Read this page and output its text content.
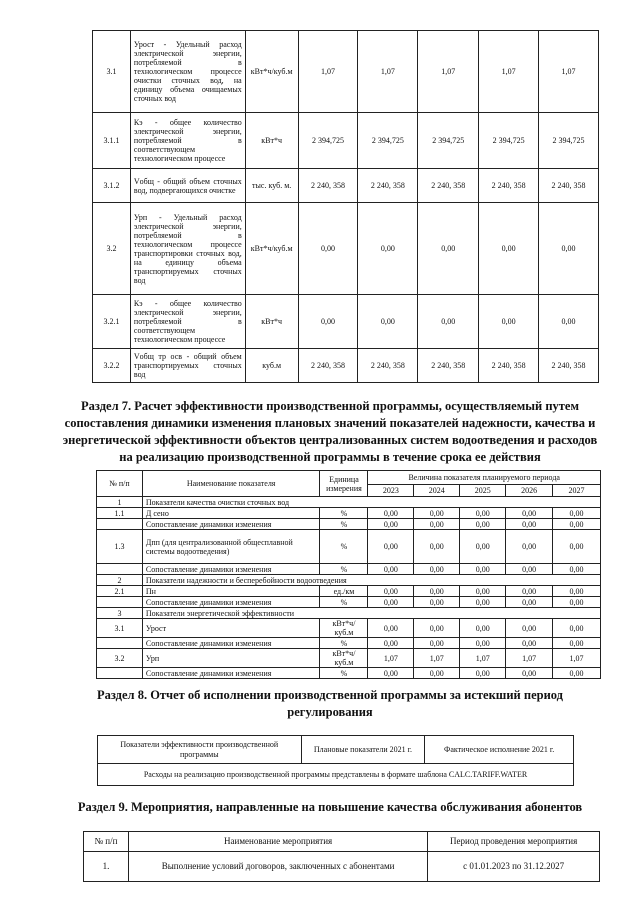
3.1	Урост - Удельный расход электрической энергии, потребляемой в технологическом процессе очистки сточных вод, на единицу объема очищаемых сточных вод	кВт*ч/куб.м	1,07	1,07	1,07	1,07	1,07
3.1.1	Кэ - общее количество электрической энергии, потребляемой в соответствующем технологическом процессе	кВт*ч	2 394,725	2 394,725	2 394,725	2 394,725	2 394,725
3.1.2	Vобщ - общий объем сточных вод, подвергающихся очистке	тыс. куб. м.	2 240, 358	2 240, 358	2 240, 358	2 240, 358	2 240, 358
3.2	Урп - Удельный расход электрической энергии, потребляемой в технологическом процессе транспортировки сточных вод, на единицу объема транспортируемых сточных вод	кВт*ч/куб.м	0,00	0,00	0,00	0,00	0,00
3.2.1	Кэ - общее количество электрической энергии, потребляемой в соответствующем технологическом процессе	кВт*ч	0,00	0,00	0,00	0,00	0,00
3.2.2	Vобщ тр осв - общий объем транспортируемых сточных вод	куб.м	2 240, 358	2 240, 358	2 240, 358	2 240, 358	2 240, 358
Раздел 7. Расчет эффективности производственной программы, осуществляемый путем сопоставления динамики изменения плановых значений показателей надежности, качества и энергетической эффективности объектов централизованных систем водоотведения и расходов на реализацию производственной программы в течение срока ее действия
№ п/п	Наименование показателя	Единица измерения	Величина показателя планируемого периода				
			2023	2024	2025	2026	2027
1	Показатели качества очистки сточных вод						
1.1	Д сено	%	0,00	0,00	0,00	0,00	0,00
	Сопоставление динамики изменения	%	0,00	0,00	0,00	0,00	0,00
1.3	Дпп (для централизованной общесплавной системы водоотведения)	%	0,00	0,00	0,00	0,00	0,00
	Сопоставление динамики изменения	%	0,00	0,00	0,00	0,00	0,00
2	Показатели надежности и бесперебойности водоотведения						
2.1	Пн	ед./км	0,00	0,00	0,00	0,00	0,00
	Сопоставление динамики изменения	%	0,00	0,00	0,00	0,00	0,00
3	Показатели энергетической эффективности						
3.1	Урост	кВт*ч/куб.м	0,00	0,00	0,00	0,00	0,00
	Сопоставление динамики изменения	%	0,00	0,00	0,00	0,00	0,00
3.2	Урп	кВт*ч/куб.м	1,07	1,07	1,07	1,07	1,07
	Сопоставление динамики изменения	%	0,00	0,00	0,00	0,00	0,00
Раздел 8. Отчет об исполнении производственной программы за истекший период регулирования
Показатели эффективности производственной программы	Плановые показатели 2021 г.	Фактическое исполнение 2021 г.
Расходы на реализацию производственной программы представлены в формате шаблона CALC.TARIFF.WATER
Раздел 9. Мероприятия, направленные на повышение качества обслуживания абонентов
№ п/п	Наименование мероприятия	Период проведения мероприятия
1.	Выполнение условий договоров, заключенных с абонентами	с 01.01.2023 по 31.12.2027
